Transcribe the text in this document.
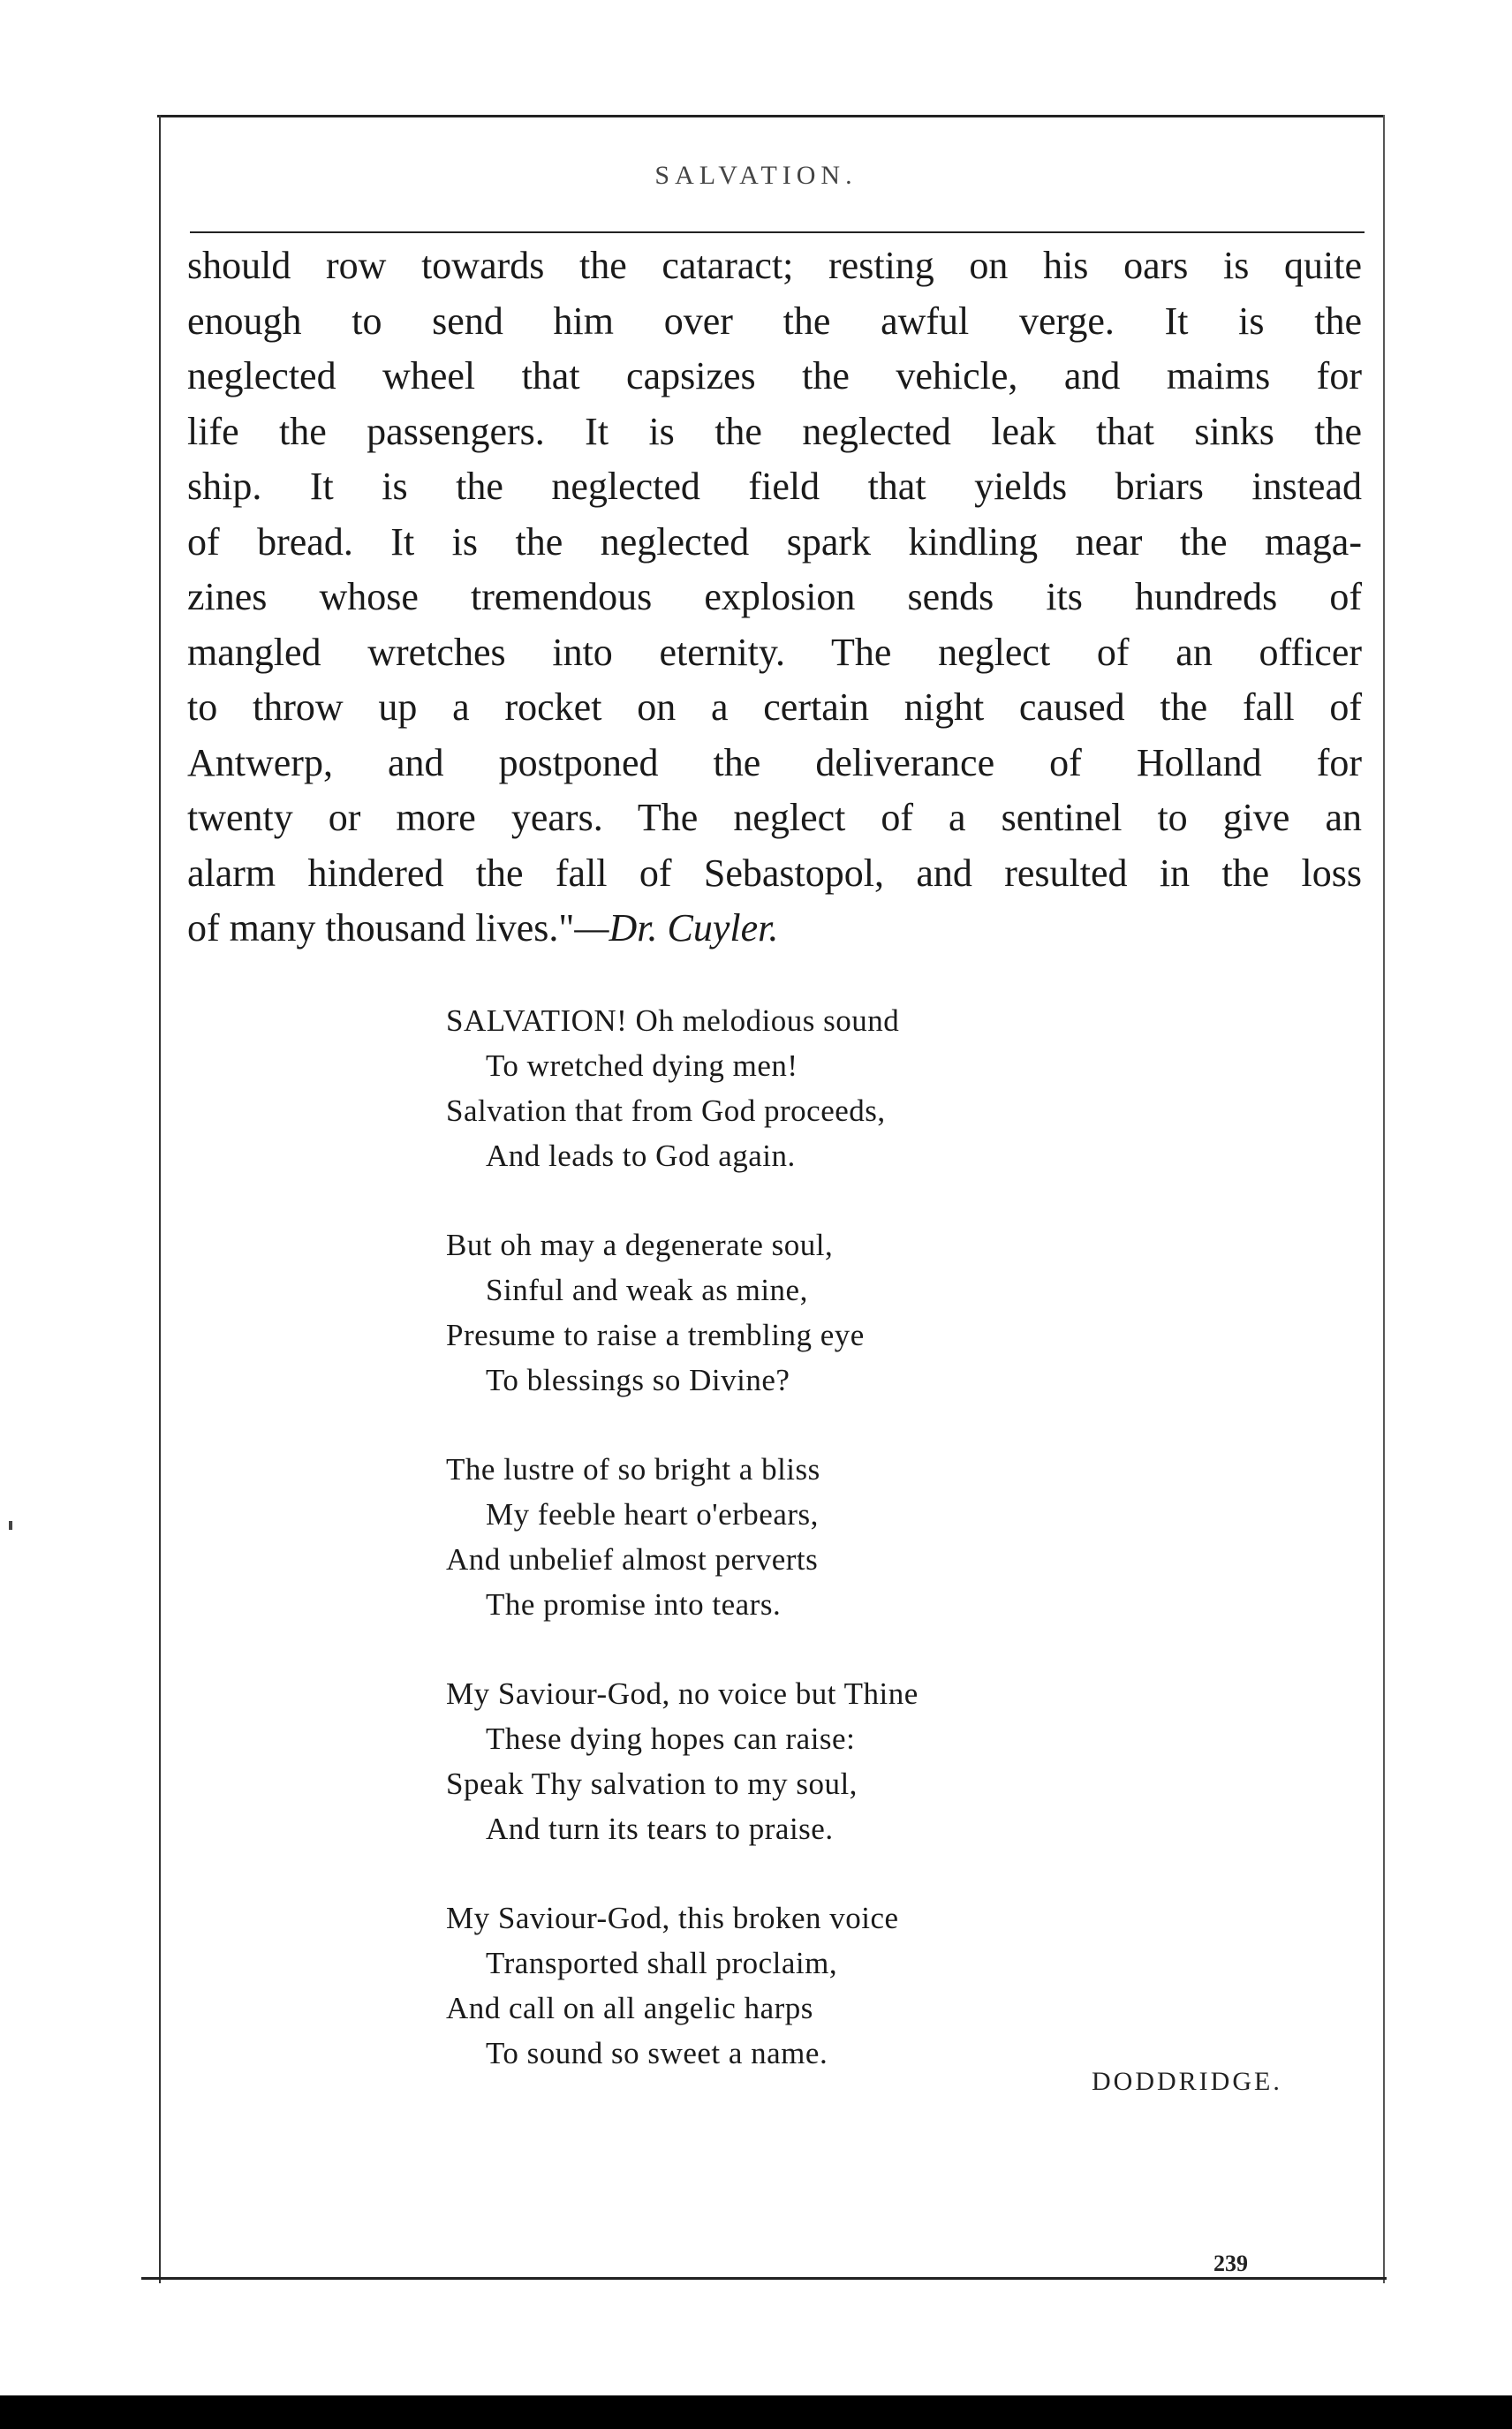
SALVATION.
should row towards the cataract; resting on his oars is quite
enough to send him over the awful verge. It is the
neglected wheel that capsizes the vehicle, and maims for
life the passengers. It is the neglected leak that sinks the
ship. It is the neglected field that yields briars instead
of bread. It is the neglected spark kindling near the maga-
zines whose tremendous explosion sends its hundreds of
mangled wretches into eternity. The neglect of an officer
to throw up a rocket on a certain night caused the fall of
Antwerp, and postponed the deliverance of Holland for
twenty or more years. The neglect of a sentinel to give an
alarm hindered the fall of Sebastopol, and resulted in the loss
of many thousand lives."—Dr. Cuyler.
SALVATION! Oh melodious sound
To wretched dying men!
Salvation that from God proceeds,
And leads to God again.
But oh may a degenerate soul,
Sinful and weak as mine,
Presume to raise a trembling eye
To blessings so Divine?
The lustre of so bright a bliss
My feeble heart o'erbears,
And unbelief almost perverts
The promise into tears.
My Saviour-God, no voice but Thine
These dying hopes can raise:
Speak Thy salvation to my soul,
And turn its tears to praise.
My Saviour-God, this broken voice
Transported shall proclaim,
And call on all angelic harps
To sound so sweet a name.
DODDRIDGE.
239
